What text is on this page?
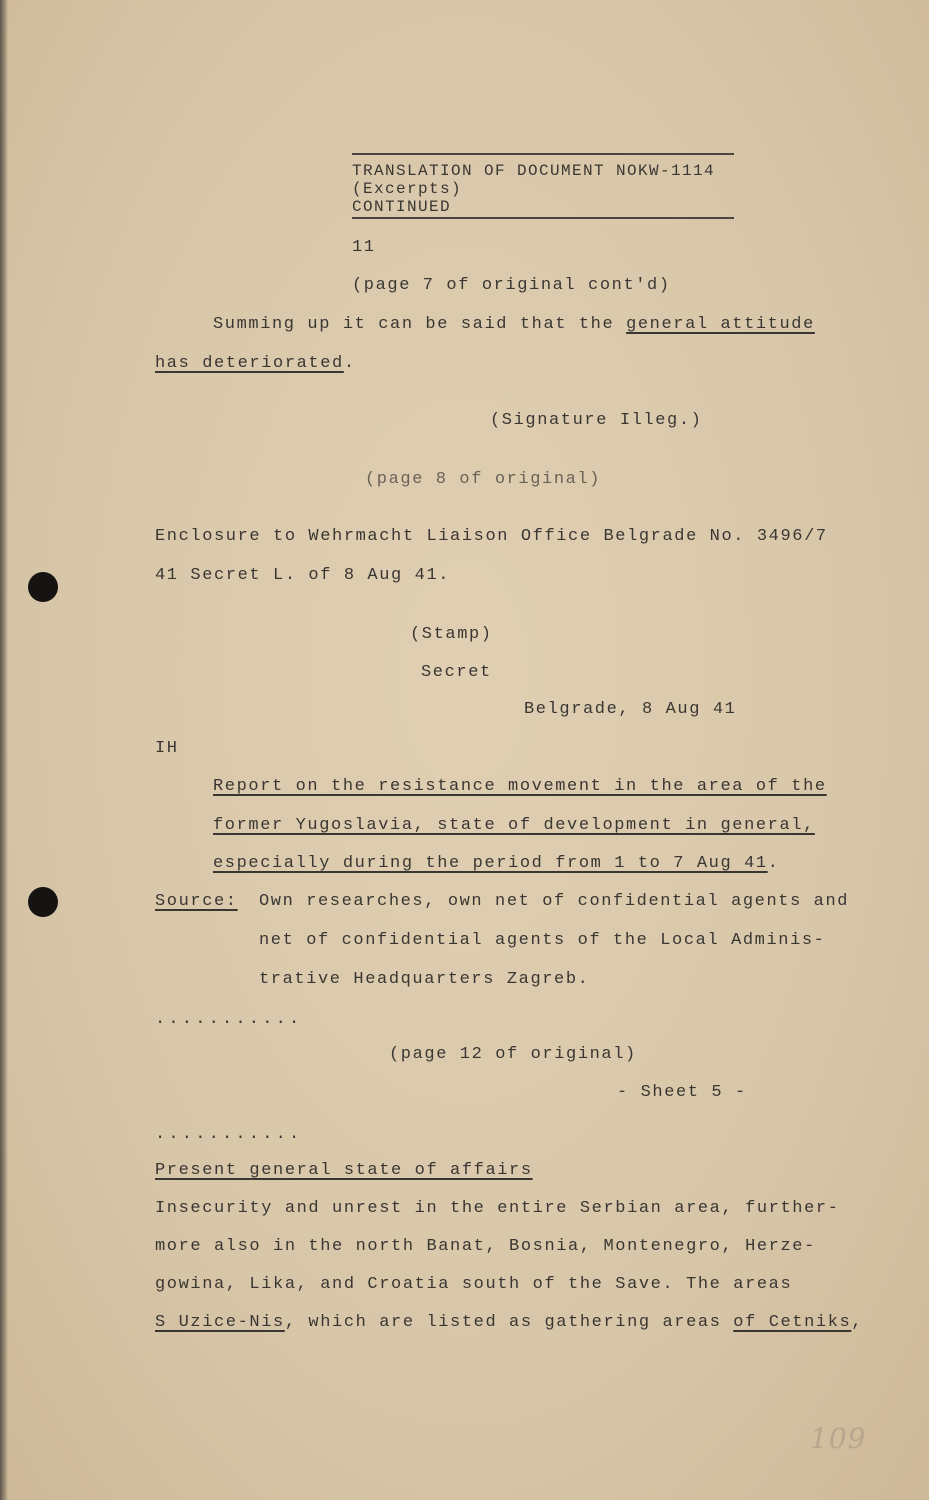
TRANSLATION OF DOCUMENT NOKW-1114
(Excerpts)
CONTINUED
11
(page 7 of original cont'd)
Summing up it can be said that the general attitude
has deteriorated.
(Signature Illeg.)
(page 8 of original)
Enclosure to Wehrmacht Liaison Office Belgrade No. 3496/7
41 Secret L. of 8 Aug 41.
(Stamp)
Secret
Belgrade, 8 Aug 41
IH
Report on the resistance movement in the area of the
former Yugoslavia, state of development in general,
especially during the period from 1 to 7 Aug 41.
Source: Own researches, own net of confidential agents and
net of confidential agents of the Local Adminis-
trative Headquarters Zagreb.
...........
(page 12 of original)
- Sheet 5 -
...........
Present general state of affairs
Insecurity and unrest in the entire Serbian area, further-
more also in the north Banat, Bosnia, Montenegro, Herze-
gowina, Lika, and Croatia south of the Save. The areas
S Uzice-Nis, which are listed as gathering areas of Cetniks,
109
